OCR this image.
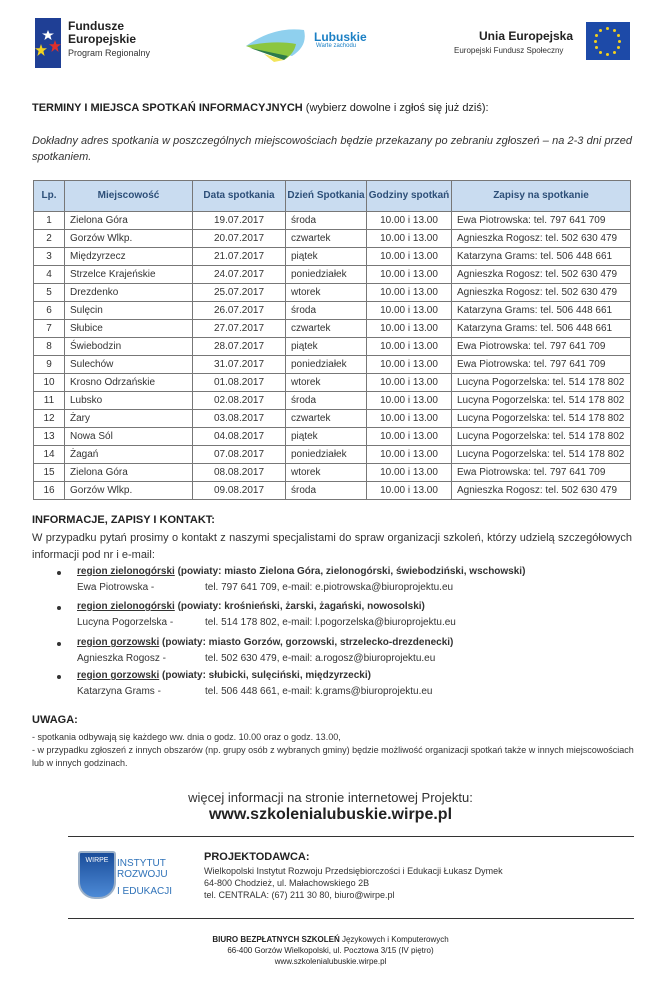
Fundusze
Europejskie
Program Regionalny
Lubuskie
Warte zachodu
Unia Europejska
Europejski Fundusz Społeczny
TERMINY I MIEJSCA SPOTKAŃ INFORMACYJNYCH (wybierz dowolne i zgłoś się już dziś):
Dokładny adres spotkania w poszczególnych miejscowościach będzie przekazany po zebraniu zgłoszeń – na 2-3 dni przed spotkaniem.
Lp.	Miejscowość	Data spotkania	Dzień Spotkania	Godziny spotkań	Zapisy na spotkanie
1	Zielona Góra	19.07.2017	środa	10.00 i 13.00	Ewa Piotrowska: tel. 797 641 709
2	Gorzów Wlkp.	20.07.2017	czwartek	10.00 i 13.00	Agnieszka Rogosz: tel. 502 630 479
3	Międzyrzecz	21.07.2017	piątek	10.00 i 13.00	Katarzyna Grams: tel. 506 448 661
4	Strzelce Krajeńskie	24.07.2017	poniedziałek	10.00 i 13.00	Agnieszka Rogosz: tel. 502 630 479
5	Drezdenko	25.07.2017	wtorek	10.00 i 13.00	Agnieszka Rogosz: tel. 502 630 479
6	Sulęcin	26.07.2017	środa	10.00 i 13.00	Katarzyna Grams: tel. 506 448 661
7	Słubice	27.07.2017	czwartek	10.00 i 13.00	Katarzyna Grams: tel. 506 448 661
8	Świebodzin	28.07.2017	piątek	10.00 i 13.00	Ewa Piotrowska: tel. 797 641 709
9	Sulechów	31.07.2017	poniedziałek	10.00 i 13.00	Ewa Piotrowska: tel. 797 641 709
10	Krosno Odrzańskie	01.08.2017	wtorek	10.00 i 13.00	Lucyna Pogorzelska: tel. 514 178 802
11	Lubsko	02.08.2017	środa	10.00 i 13.00	Lucyna Pogorzelska: tel. 514 178 802
12	Żary	03.08.2017	czwartek	10.00 i 13.00	Lucyna Pogorzelska: tel. 514 178 802
13	Nowa Sól	04.08.2017	piątek	10.00 i 13.00	Lucyna Pogorzelska: tel. 514 178 802
14	Żagań	07.08.2017	poniedziałek	10.00 i 13.00	Lucyna Pogorzelska: tel. 514 178 802
15	Zielona Góra	08.08.2017	wtorek	10.00 i 13.00	Ewa Piotrowska: tel. 797 641 709
16	Gorzów Wlkp.	09.08.2017	środa	10.00 i 13.00	Agnieszka Rogosz: tel. 502 630 479
INFORMACJE, ZAPISY I KONTAKT:
W przypadku pytań prosimy o kontakt z naszymi specjalistami do spraw organizacji szkoleń, którzy udzielą szczegółowych informacji pod nr i e-mail:
region zielonogórski (powiaty: miasto Zielona Góra, zielonogórski, świebodziński, wschowski)
Ewa Piotrowska -	tel. 797 641 709, e-mail: e.piotrowska@biuroprojektu.eu
region zielonogórski (powiaty: krośnieński, żarski, żagański, nowosolski)
Lucyna Pogorzelska -	tel. 514 178 802, e-mail: l.pogorzelska@biuroprojektu.eu
region gorzowski (powiaty: miasto Gorzów, gorzowski, strzelecko-drezdenecki)
Agnieszka Rogosz -	tel. 502 630 479, e-mail: a.rogosz@biuroprojektu.eu
region gorzowski (powiaty: słubicki, sulęciński, międzyrzecki)
Katarzyna Grams -	tel. 506 448 661, e-mail: k.grams@biuroprojektu.eu
UWAGA:
- spotkania odbywają się każdego ww. dnia o godz. 10.00 oraz o godz. 13.00,
- w przypadku zgłoszeń z innych obszarów (np. grupy osób z wybranych gminy) będzie możliwość organizacji spotkań także w innych miejscowościach lub w innych godzinach.
więcej informacji na stronie internetowej Projektu:
www.szkolenialubuskie.wirpe.pl
WIRPE
INSTYTUT
ROZWOJU

I EDUKACJI
PROJEKTODAWCA:
Wielkopolski Instytut Rozwoju Przedsiębiorczości i Edukacji Łukasz Dymek
64-800 Chodzież, ul. Małachowskiego 2B
tel. CENTRALA: (67) 211 30 80, biuro@wirpe.pl
BIURO BEZPŁATNYCH SZKOLEŃ Językowych i Komputerowych
66-400 Gorzów Wielkopolski, ul. Pocztowa 3/15 (IV piętro)
www.szkolenialubuskie.wirpe.pl
